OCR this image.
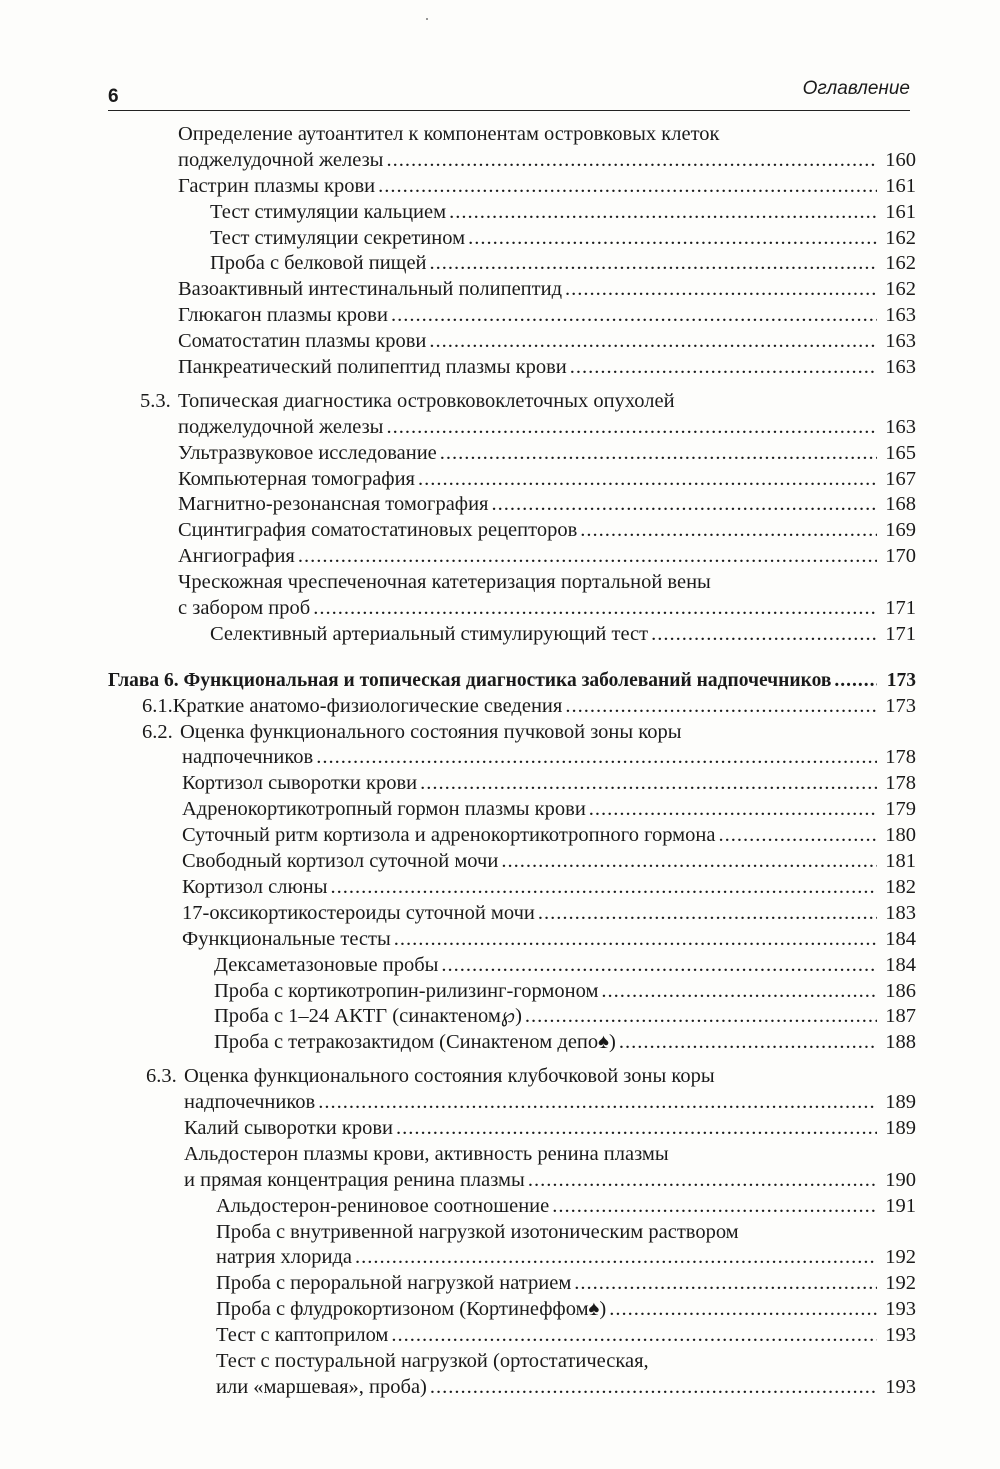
6	Оглавление
Определение аутоантител к компонентам островковых клеток
поджелудочной железы .....	160
Гастрин плазмы крови .....	161
Тест стимуляции кальцием .....	161
Тест стимуляции секретином .....	162
Проба с белковой пищей .....	162
Вазоактивный интестинальный полипептид .....	162
Глюкагон плазмы крови .....	163
Соматостатин плазмы крови .....	163
Панкреатический полипептид плазмы крови .....	163
5.3. Топическая диагностика островковоклеточных опухолей
поджелудочной железы .....	163
Ультразвуковое исследование .....	165
Компьютерная томография .....	167
Магнитно-резонансная томография .....	168
Сцинтиграфия соматостатиновых рецепторов .....	169
Ангиография .....	170
Чрескожная чреспеченочная катетеризация портальной вены
с забором проб .....	171
Селективный артериальный стимулирующий тест .....	171
Глава 6. Функциональная и топическая диагностика заболеваний надпочечников .....	173
6.1. Краткие анатомо-физиологические сведения .....	173
6.2. Оценка функционального состояния пучковой зоны коры
надпочечников .....	178
Кортизол сыворотки крови .....	178
Адренокортикотропный гормон плазмы крови .....	179
Суточный ритм кортизола и адренокортикотропного гормона .....	180
Свободный кортизол суточной мочи .....	181
Кортизол слюны .....	182
17-оксикортикостероиды суточной мочи .....	183
Функциональные тесты .....	184
Дексаметазоновые пробы .....	184
Проба с кортикотропин-рилизинг-гормоном .....	186
Проба с 1–24 АКТГ (синактеном℘) .....	187
Проба с тетракозактидом (Синактеном депо♠) .....	188
6.3. Оценка функционального состояния клубочковой зоны коры
надпочечников .....	189
Калий сыворотки крови .....	189
Альдостерон плазмы крови, активность ренина плазмы
и прямая концентрация ренина плазмы .....	190
Альдостерон-рениновое соотношение .....	191
Проба с внутривенной нагрузкой изотоническим раствором
натрия хлорида .....	192
Проба с пероральной нагрузкой натрием .....	192
Проба с флудрокортизоном (Кортинеффом♠) .....	193
Тест с каптоприлом .....	193
Тест с постуральной нагрузкой (ортостатическая,
или «маршевая», проба) .....	193
